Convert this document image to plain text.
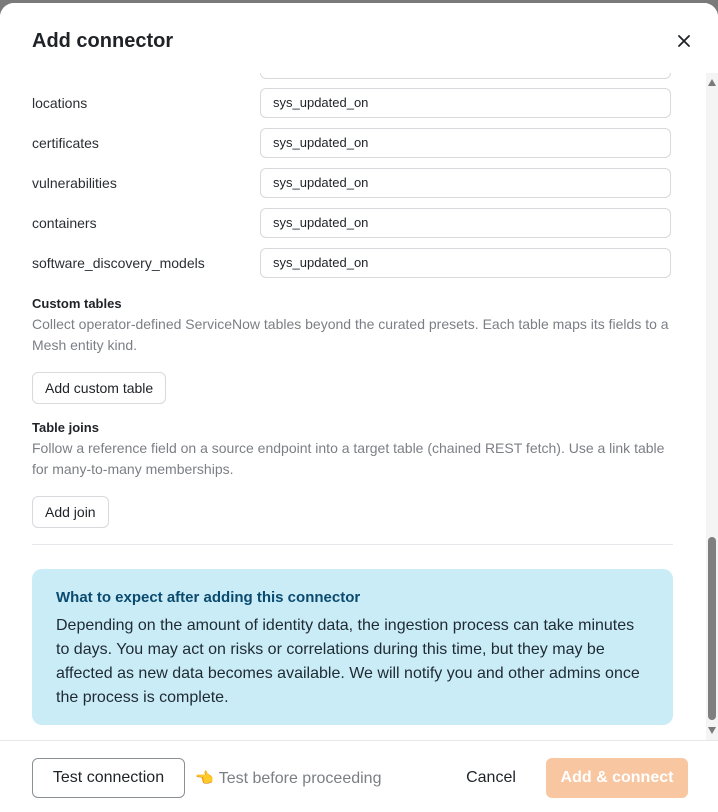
Add connector
locations	sys_updated_on
certificates	sys_updated_on
vulnerabilities	sys_updated_on
containers	sys_updated_on
software_discovery_models	sys_updated_on
Custom tables
Collect operator-defined ServiceNow tables beyond the curated presets. Each table maps its fields to a Mesh entity kind.
Add custom table
Table joins
Follow a reference field on a source endpoint into a target table (chained REST fetch). Use a link table for many-to-many memberships.
Add join
What to expect after adding this connector
Depending on the amount of identity data, the ingestion process can take minutes to days. You may act on risks or correlations during this time, but they may be affected as new data becomes available. We will notify you and other admins once the process is complete.
Test connection	👈 Test before proceeding	Cancel	Add & connect
